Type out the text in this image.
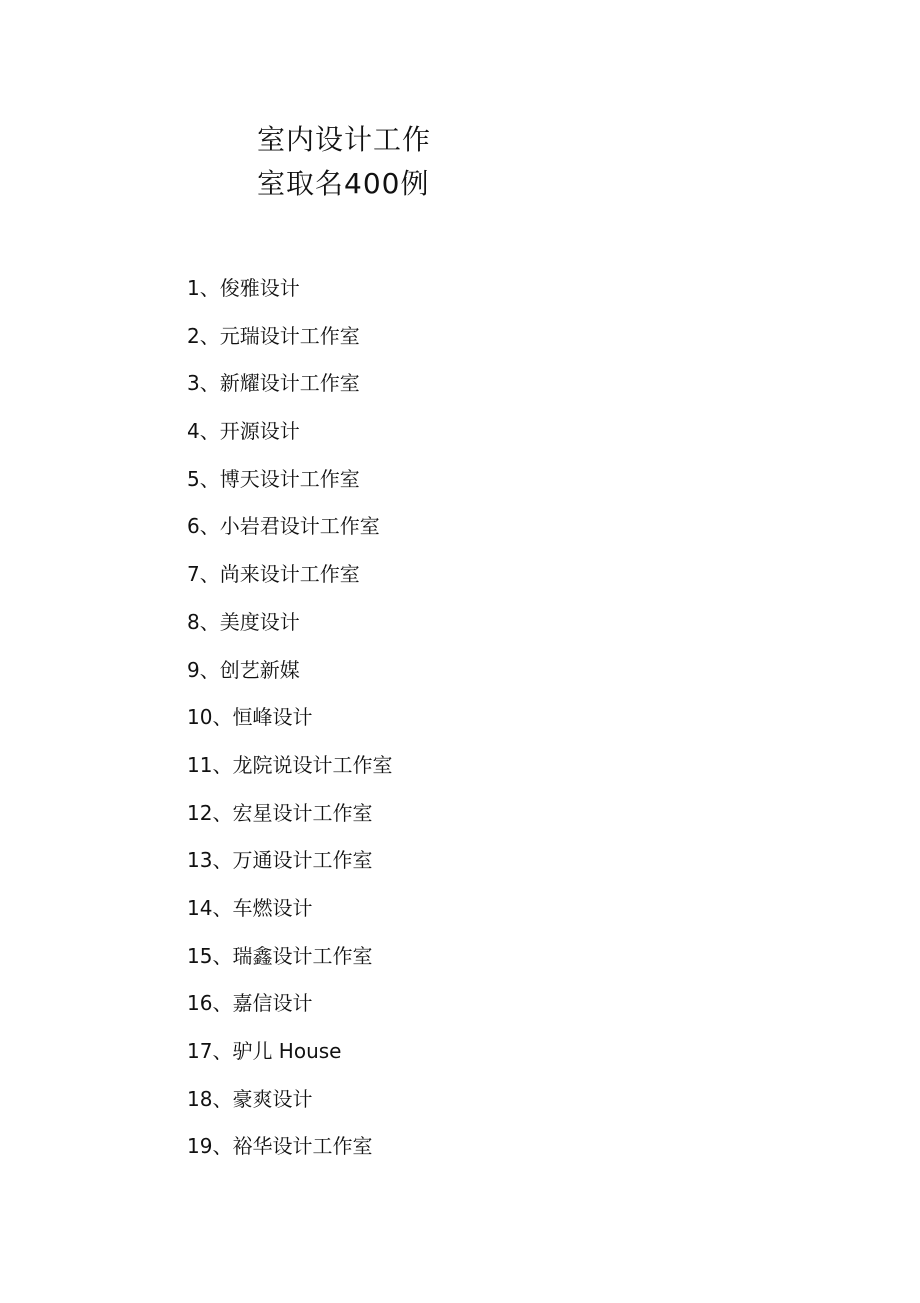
室内设计工作
室取名400例
1、俊雅设计
2、元瑞设计工作室
3、新耀设计工作室
4、开源设计
5、博天设计工作室
6、小岩君设计工作室
7、尚来设计工作室
8、美度设计
9、创艺新媒
10、恒峰设计
11、龙院说设计工作室
12、宏星设计工作室
13、万通设计工作室
14、车燃设计
15、瑞鑫设计工作室
16、嘉信设计
17、驴儿 House
18、豪爽设计
19、裕华设计工作室
